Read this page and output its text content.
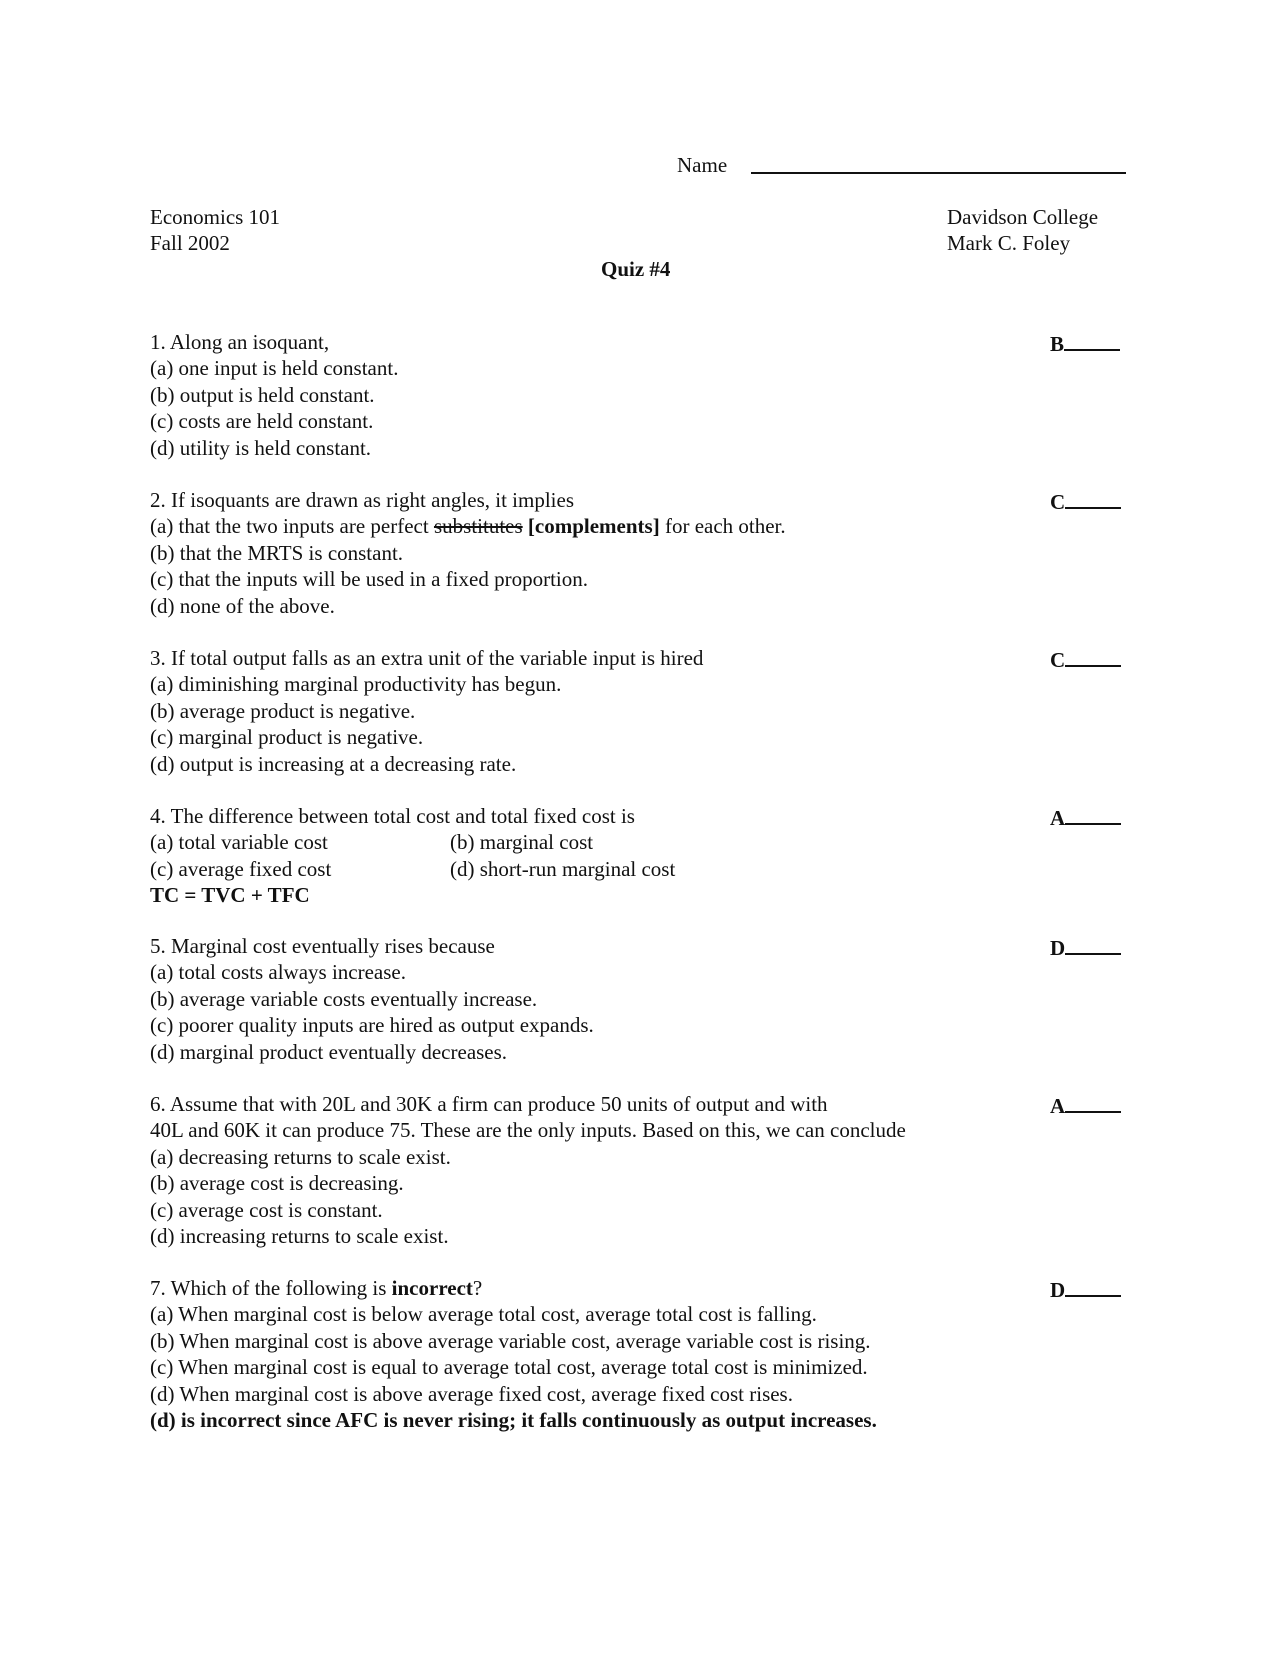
Name
Economics 101
Fall 2002
Davidson College
Mark C. Foley
Quiz #4
1. Along an isoquant,
(a) one input is held constant.
(b) output is held constant.
(c) costs are held constant.
(d) utility is held constant.
B
2. If isoquants are drawn as right angles, it implies
(a) that the two inputs are perfect substitutes [complements] for each other.
(b) that the MRTS is constant.
(c) that the inputs will be used in a fixed proportion.
(d) none of the above.
C
3. If total output falls as an extra unit of the variable input is hired
(a) diminishing marginal productivity has begun.
(b) average product is negative.
(c) marginal product is negative.
(d) output is increasing at a decreasing rate.
C
4. The difference between total cost and total fixed cost is
(a) total variable cost	(b) marginal cost
(c) average fixed cost	(d) short-run marginal cost
TC = TVC + TFC
A
5. Marginal cost eventually rises because
(a) total costs always increase.
(b) average variable costs eventually increase.
(c) poorer quality inputs are hired as output expands.
(d) marginal product eventually decreases.
D
6. Assume that with 20L and 30K a firm can produce 50 units of output and with
40L and 60K it can produce 75. These are the only inputs. Based on this, we can conclude
(a) decreasing returns to scale exist.
(b) average cost is decreasing.
(c) average cost is constant.
(d) increasing returns to scale exist.
A
7. Which of the following is incorrect?
(a) When marginal cost is below average total cost, average total cost is falling.
(b) When marginal cost is above average variable cost, average variable cost is rising.
(c) When marginal cost is equal to average total cost, average total cost is minimized.
(d) When marginal cost is above average fixed cost, average fixed cost rises.
(d) is incorrect since AFC is never rising; it falls continuously as output increases.
D
